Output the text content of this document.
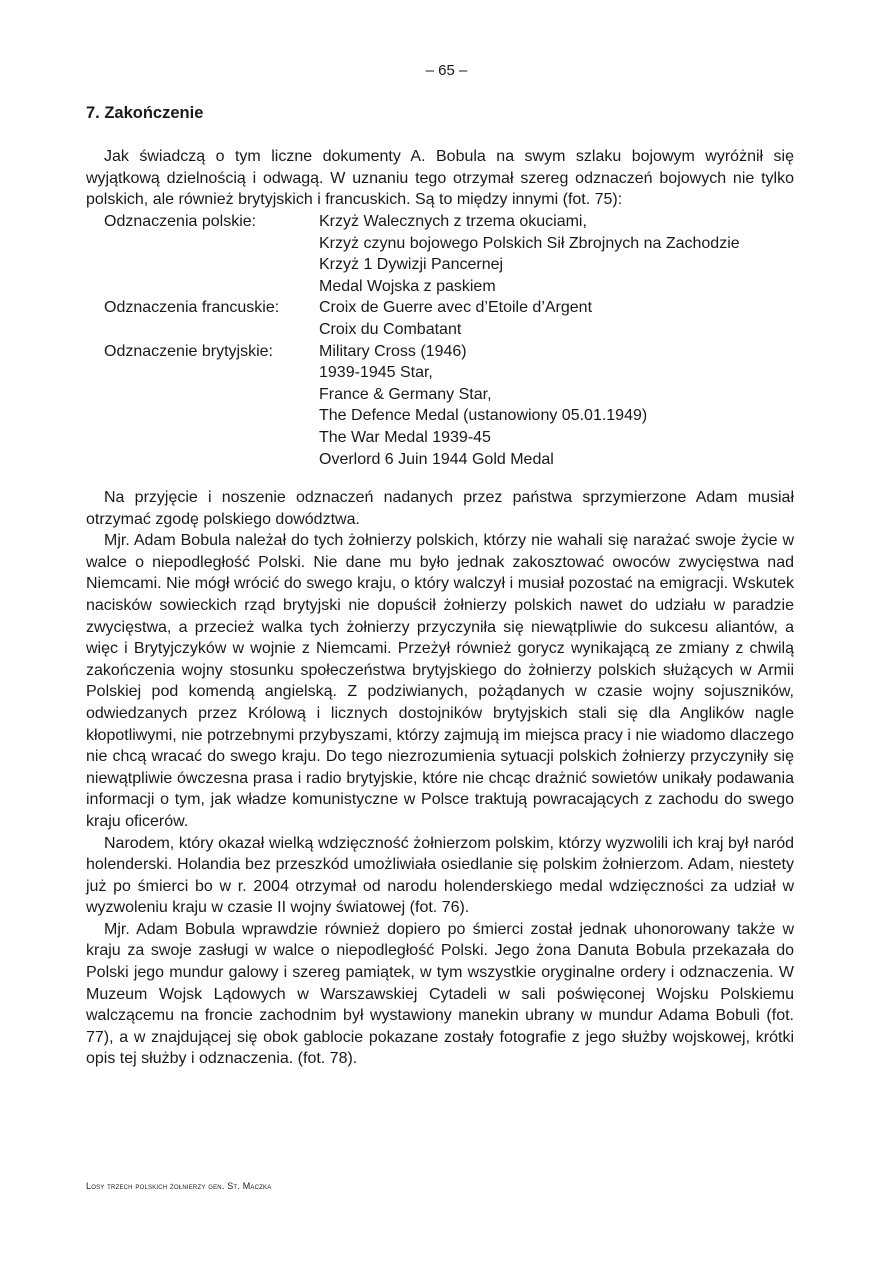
– 65 –
7. Zakończenie

Jak świadczą o tym liczne dokumenty A. Bobula na swym szlaku bojowym wyróżnił się wyjątkową dzielnością i odwagą. W uznaniu tego otrzymał szereg odznaczeń bojowych nie tylko polskich, ale również brytyjskich i francuskich. Są to między innymi (fot. 75):

Odznaczenia polskie:	Krzyż Walecznych z trzema okuciami,
Krzyż czynu bojowego Polskich Sił Zbrojnych na Zachodzie
Krzyż 1 Dywizji Pancernej
Medal Wojska z paskiem
Odznaczenia francuskie:	Croix de Guerre avec d’Etoile d’Argent
Croix du Combatant
Odznaczenie brytyjskie:	Military Cross (1946)
1939-1945 Star,
France & Germany Star,
The Defence Medal (ustanowiony 05.01.1949)
The War Medal 1939-45
Overlord 6 Juin 1944 Gold Medal

Na przyjęcie i noszenie odznaczeń nadanych przez państwa sprzymierzone Adam musiał otrzymać zgodę polskiego dowództwa.

Mjr. Adam Bobula należał do tych żołnierzy polskich, którzy nie wahali się narażać swoje życie w walce o niepodległość Polski. Nie dane mu było jednak zakosztować owoców zwycięstwa nad Niemcami. Nie mógł wrócić do swego kraju, o który walczył i musiał pozostać na emigracji. Wskutek nacisków sowieckich rząd brytyjski nie dopuścił żołnierzy polskich nawet do udziału w paradzie zwycięstwa, a przecież walka tych żołnierzy przyczyniła się niewątpliwie do sukcesu aliantów, a więc i Brytyjczyków w wojnie z Niemcami. Przeżył również gorycz wynikającą ze zmiany z chwilą zakończenia wojny stosunku społeczeństwa brytyjskiego do żołnierzy polskich służących w Armii Polskiej pod komendą angielską. Z podziwianych, pożądanych w czasie wojny sojuszników, odwiedzanych przez Królową i licznych dostojników brytyjskich stali się dla Anglików nagle kłopotliwymi, nie potrzebnymi przybyszami, którzy zajmują im miejsca pracy i nie wiadomo dlaczego nie chcą wracać do swego kraju. Do tego niezrozumienia sytuacji polskich żołnierzy przyczyniły się niewątpliwie ówczesna prasa i radio brytyjskie, które nie chcąc drażnić sowietów unikały podawania informacji o tym, jak władze komunistyczne w Polsce traktują powracających z zachodu do swego kraju oficerów.

Narodem, który okazał wielką wdzięczność żołnierzom polskim, którzy wyzwolili ich kraj był naród holenderski. Holandia bez przeszkód umożliwiała osiedlanie się polskim żołnierzom. Adam, niestety już po śmierci bo w r. 2004 otrzymał od narodu holenderskiego medal wdzięczności za udział w wyzwoleniu kraju w czasie II wojny światowej (fot. 76).

Mjr. Adam Bobula wprawdzie również dopiero po śmierci został jednak uhonorowany także w kraju za swoje zasługi w walce o niepodległość Polski. Jego żona Danuta Bobula przekazała do Polski jego mundur galowy i szereg pamiątek, w tym wszystkie oryginalne ordery i odznaczenia. W Muzeum Wojsk Lądowych w Warszawskiej Cytadeli w sali poświęconej Wojsku Polskiemu walczącemu na froncie zachodnim był wystawiony manekin ubrany w mundur Adama Bobuli (fot. 77), a w znajdującej się obok gablocie pokazane zostały fotografie z jego służby wojskowej, krótki opis tej służby i odznaczenia. (fot. 78).

Losy trzech polskich żołnierzy gen. St. Maczka
